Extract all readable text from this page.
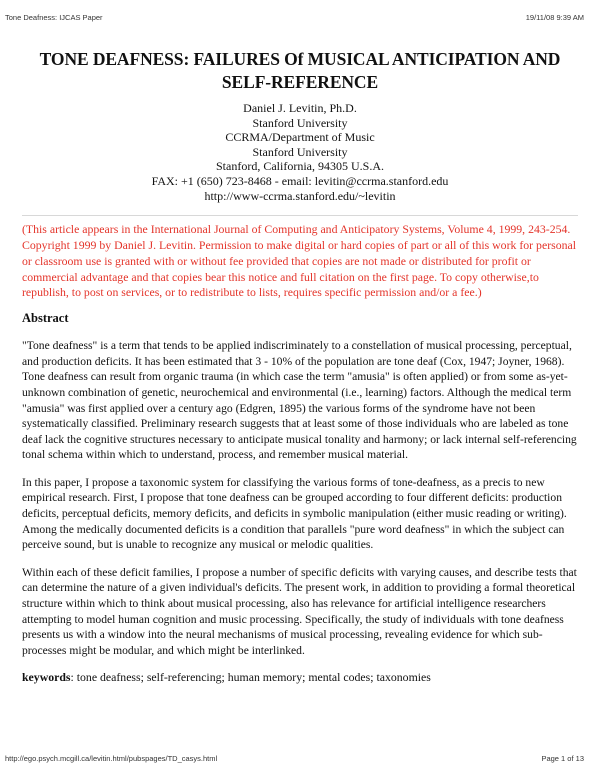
Tone Deafness: IJCAS Paper	19/11/08 9:39 AM
TONE DEAFNESS: FAILURES Of MUSICAL ANTICIPATION AND SELF-REFERENCE
Daniel J. Levitin, Ph.D.
Stanford University
CCRMA/Department of Music
Stanford University
Stanford, California, 94305 U.S.A.
FAX: +1 (650) 723-8468 - email: levitin@ccrma.stanford.edu
http://www-ccrma.stanford.edu/~levitin
(This article appears in the International Journal of Computing and Anticipatory Systems, Volume 4, 1999, 243-254. Copyright 1999 by Daniel J. Levitin. Permission to make digital or hard copies of part or all of this work for personal or classroom use is granted with or without fee provided that copies are not made or distributed for profit or commercial advantage and that copies bear this notice and full citation on the first page. To copy otherwise,to republish, to post on services, or to redistribute to lists, requires specific permission and/or a fee.)
Abstract

"Tone deafness" is a term that tends to be applied indiscriminately to a constellation of musical processing, perceptual, and production deficits. It has been estimated that 3 - 10% of the population are tone deaf (Cox, 1947; Joyner, 1968). Tone deafness can result from organic trauma (in which case the term "amusia" is often applied) or from some as-yet-unknown combination of genetic, neurochemical and environmental (i.e., learning) factors. Although the medical term "amusia" was first applied over a century ago (Edgren, 1895) the various forms of the syndrome have not been systematically classified. Preliminary research suggests that at least some of those individuals who are labeled as tone deaf lack the cognitive structures necessary to anticipate musical tonality and harmony; or lack internal self-referencing tonal schema within which to understand, process, and remember musical material.

In this paper, I propose a taxonomic system for classifying the various forms of tone-deafness, as a precis to new empirical research. First, I propose that tone deafness can be grouped according to four different deficits: production deficits, perceptual deficits, memory deficits, and deficits in symbolic manipulation (either music reading or writing). Among the medically documented deficits is a condition that parallels "pure word deafness" in which the subject can perceive sound, but is unable to recognize any musical or melodic qualities.

Within each of these deficit families, I propose a number of specific deficits with varying causes, and describe tests that can determine the nature of a given individual's deficits. The present work, in addition to providing a formal theoretical structure within which to think about musical processing, also has relevance for artificial intelligence researchers attempting to model human cognition and music processing. Specifically, the study of individuals with tone deafness presents us with a window into the neural mechanisms of musical processing, revealing evidence for which sub-processes might be modular, and which might be interlinked.

keywords: tone deafness; self-referencing; human memory; mental codes; taxonomies

http://ego.psych.mcgill.ca/levitin.html/pubspages/TD_casys.html	Page 1 of 13
